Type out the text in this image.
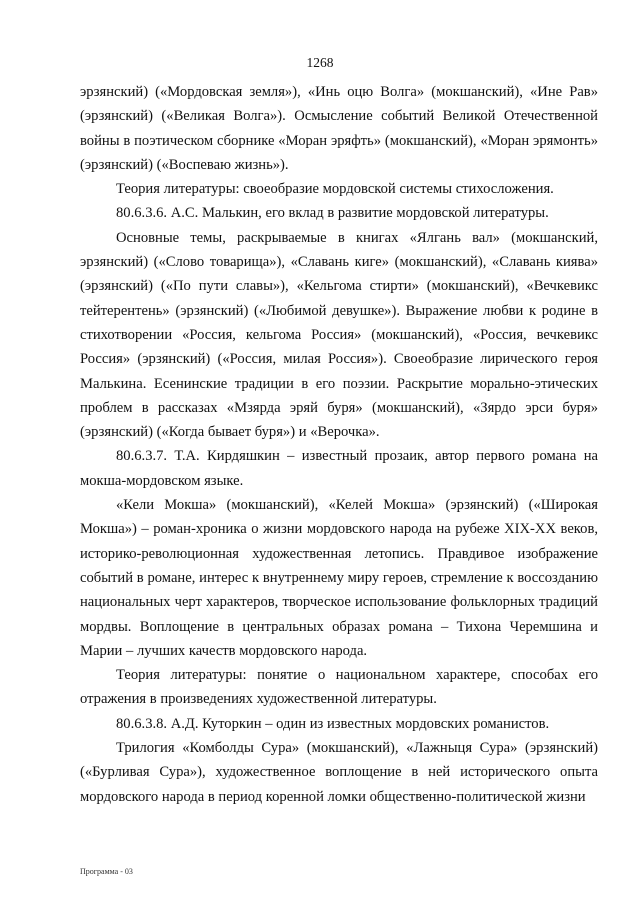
1268

эрзянский) («Мордовская земля»), «Инь оцю Волга» (мокшанский), «Ине Рав» (эрзянский) («Великая Волга»). Осмысление событий Великой Отечественной войны в поэтическом сборнике «Моран эряфть» (мокшанский), «Моран эрямонть» (эрзянский) («Воспеваю жизнь»).

Теория литературы: своеобразие мордовской системы стихосложения.

80.6.3.6. А.С. Малькин, его вклад в развитие мордовской литературы.

Основные темы, раскрываемые в книгах «Ялгань вал» (мокшанский, эрзянский) («Слово товарища»), «Славань киге» (мокшанский), «Славань киява» (эрзянский) («По пути славы»), «Кельгома стирти» (мокшанский), «Вечкевикс тейтерентень» (эрзянский) («Любимой девушке»). Выражение любви к родине в стихотворении «Россия, кельгома Россия» (мокшанский), «Россия, вечкевикс Россия» (эрзянский) («Россия, милая Россия»). Своеобразие лирического героя Малькина. Есенинские традиции в его поэзии. Раскрытие морально-этических проблем в рассказах «Мзярда эряй буря» (мокшанский), «Зярдо эрси буря» (эрзянский) («Когда бывает буря») и «Верочка».

80.6.3.7. Т.А. Кирдяшкин – известный прозаик, автор первого романа на мокша-мордовском языке.

«Кели Мокша» (мокшанский), «Келей Мокша» (эрзянский) («Широкая Мокша») – роман-хроника о жизни мордовского народа на рубеже XIX-XX веков, историко-революционная художественная летопись. Правдивое изображение событий в романе, интерес к внутреннему миру героев, стремление к воссозданию национальных черт характеров, творческое использование фольклорных традиций мордвы. Воплощение в центральных образах романа – Тихона Черемшина и Марии – лучших качеств мордовского народа.

Теория литературы: понятие о национальном характере, способах его отражения в произведениях художественной литературы.

80.6.3.8. А.Д. Куторкин – один из известных мордовских романистов.

Трилогия «Комболды Сура» (мокшанский), «Лажныця Сура» (эрзянский) («Бурливая Сура»), художественное воплощение в ней исторического опыта мордовского народа в период коренной ломки общественно-политической жизни

Программа - 03
